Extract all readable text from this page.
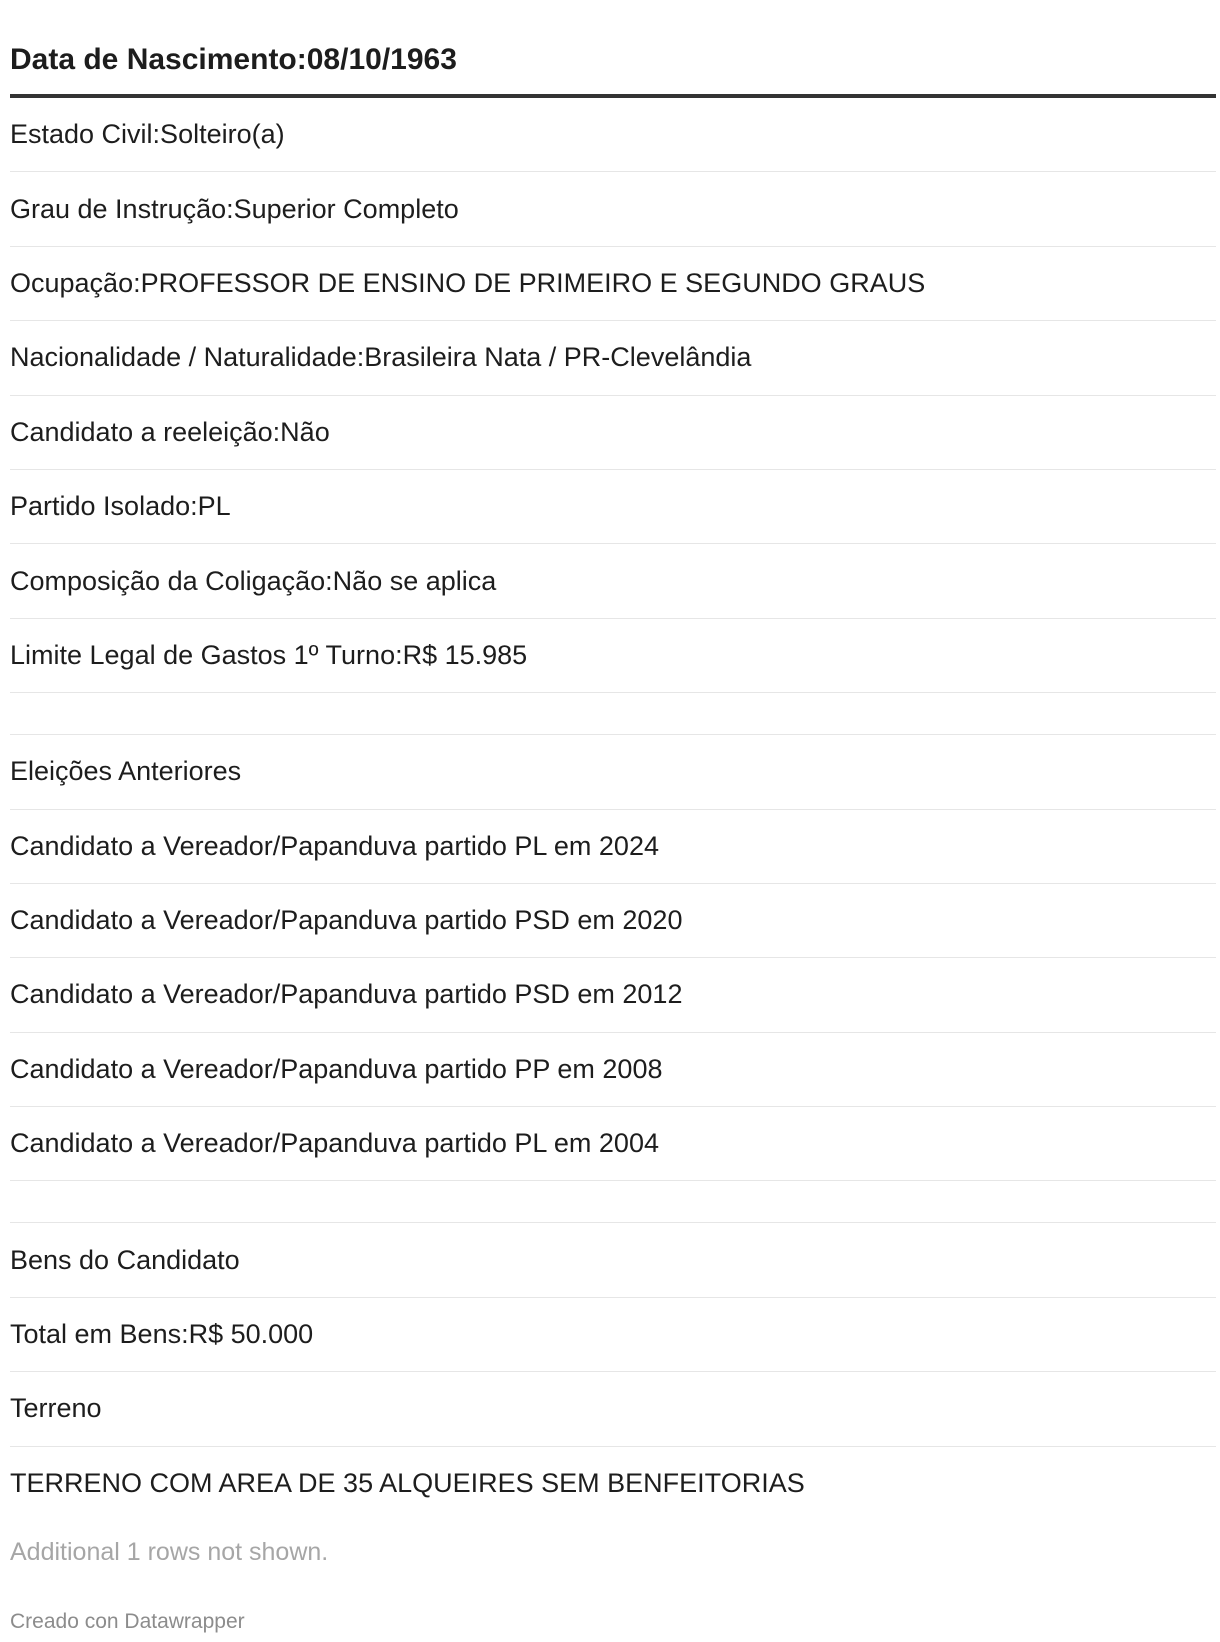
Data de Nascimento:08/10/1963
Estado Civil:Solteiro(a)
Grau de Instrução:Superior Completo
Ocupação:PROFESSOR DE ENSINO DE PRIMEIRO E SEGUNDO GRAUS
Nacionalidade / Naturalidade:Brasileira Nata / PR-Clevelândia
Candidato a reeleição:Não
Partido Isolado:PL
Composição da Coligação:Não se aplica
Limite Legal de Gastos 1º Turno:R$ 15.985
Eleições Anteriores
Candidato a Vereador/Papanduva partido PL em 2024
Candidato a Vereador/Papanduva partido PSD em 2020
Candidato a Vereador/Papanduva partido PSD em 2012
Candidato a Vereador/Papanduva partido PP em 2008
Candidato a Vereador/Papanduva partido PL em 2004
Bens do Candidato
Total em Bens:R$ 50.000
Terreno
TERRENO COM AREA DE 35 ALQUEIRES SEM BENFEITORIAS
Additional 1 rows not shown.
Creado con Datawrapper
